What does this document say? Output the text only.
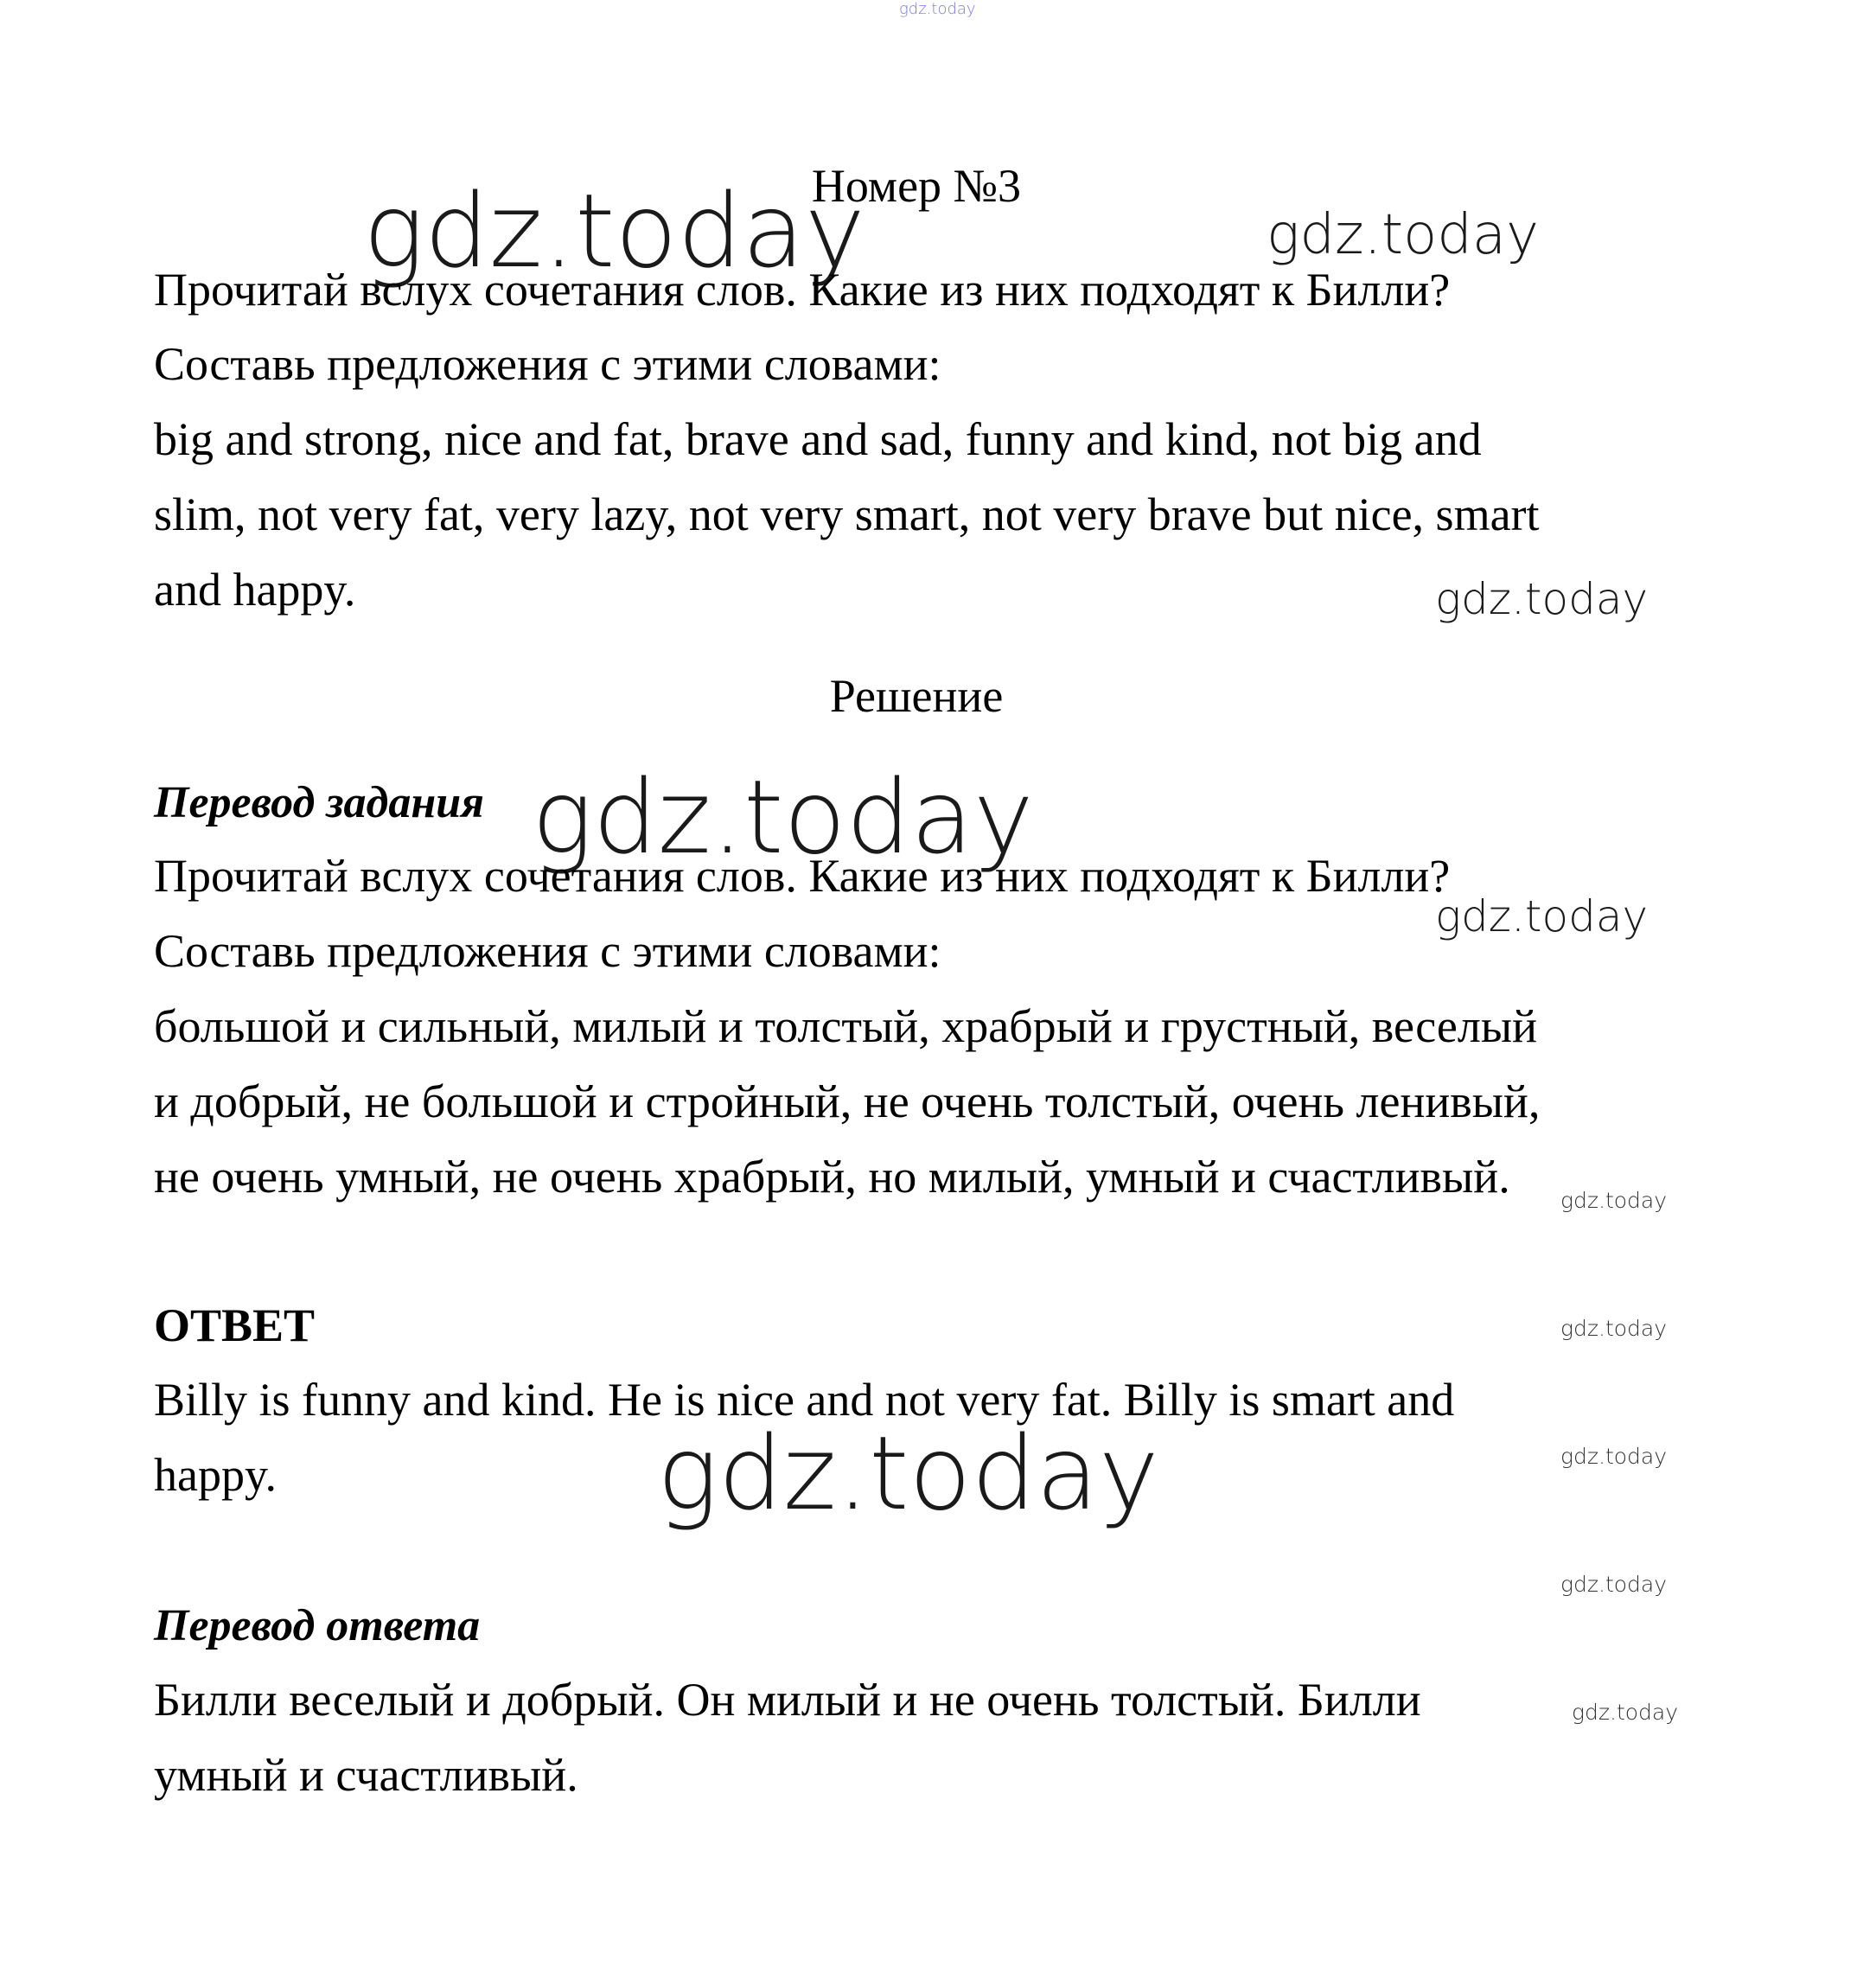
gdz.today

Номер №3

gdz.today	gdz.today

Прочитай вслух сочетания слов. Какие из них подходят к Билли?

Составь предложения с этими словами:

big and strong, nice and fat, brave and sad, funny and kind, not big and

slim, not very fat, very lazy, not very smart, not very brave but nice, smart

and happy.	gdz.today

Решение

Перевод задания gdz.today

Прочитай вслух сочетания слов. Какие из них подходят к Билли?

Составь предложения с этими словами:

большой и сильный, милый и толстый, храбрый и грустный, веселый

и добрый, не большой и стройный, не очень толстый, очень ленивый,

не очень умный, не очень храбрый, но милый, умный и счастливый.

gdz.today
gdz.today

ОТВЕТ	gdz.today

Billy is funny and kind. He is nice and not very fat. Billy is smart and

happy.	gdz.today	gdz.today
gdz.today

Перевод ответа

Билли веселый и добрый. Он милый и не очень толстый. Билли

умный и счастливый.

gdz.today
